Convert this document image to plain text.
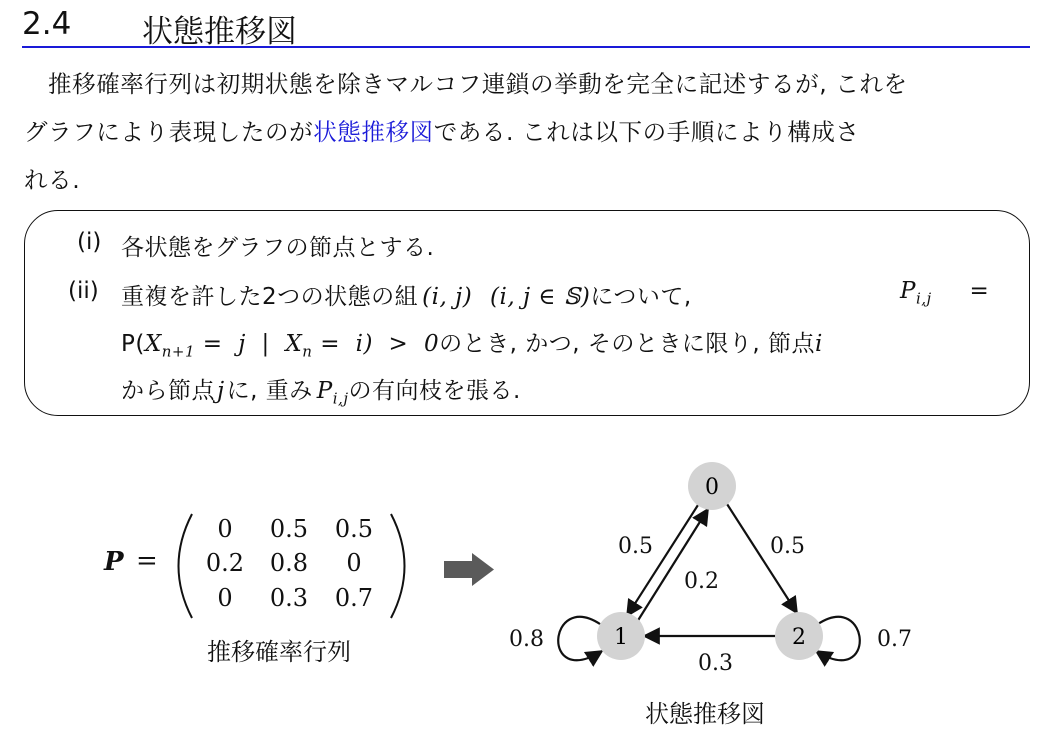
2.4 状態推移図
推移確率行列は初期状態を除きマルコフ連鎖の挙動を完全に記述するが, これを
グラフにより表現したのが状態推移図である. これは以下の手順により構成さ
れる.
(i) 各状態をグラフの節点とする.
(ii) 重複を許した2つの状態の組 (i, j) (i, j ∈ 𝕊)について,	$P_{i,j}$ =
$P(X_{n+1} = j$  |  $X_n = i) > 0$のとき, かつ, そのときに限り, 節点i
から節点jに, 重み $P_{i,j}$の有向枝を張る.
P =
0	0.5	0.5
0.2	0.8	0
0	0.3	0.7
推移確率行列
0
1	2
0.5	0.5
0.2
0.8
0.3
0.7
状態推移図
